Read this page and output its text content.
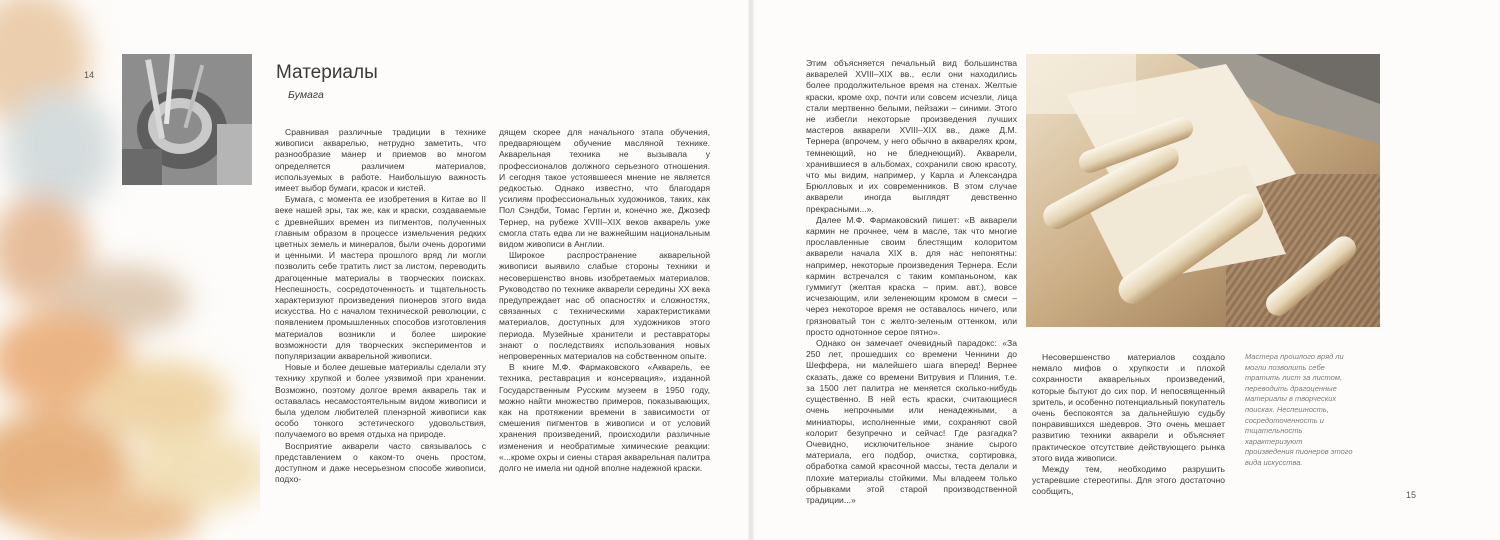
14	Материалы
Бумага

Сравнивая различные традиции в технике живописи акварелью, нетрудно заметить, что разнообразие манер и приемов во многом определяется различием материалов, используемых в работе. Наибольшую важность имеет выбор бумаги, красок и кистей.

Бумага, с момента ее изобретения в Китае во II веке нашей эры, так же, как и краски, создаваемые с древнейших времен из пигментов, полученных главным образом в процессе измельчения редких цветных земель и минералов, были очень дорогими и ценными. И мастера прошлого вряд ли могли позволить себе тратить лист за листом, переводить драгоценные материалы в творческих поисках. Неспешность, сосредоточенность и тщательность характеризуют произведения пионеров этого вида искусства. Но с началом технической революции, с появлением промышленных способов изготовления материалов возникли и более широкие возможности для творческих экспериментов и популяризации акварельной живописи.

Новые и более дешевые материалы сделали эту технику хрупкой и более уязвимой при хранении. Возможно, поэтому долгое время акварель так и оставалась несамостоятельным видом живописи и была уделом любителей пленэрной живописи как особо тонкого эстетического удовольствия, получаемого во время отдыха на природе.

Восприятие акварели часто связывалось с представлением о каком-то очень простом, доступном и даже несерьезном способе живописи, подхо-

дящем скорее для начального этапа обучения, предваряющем обучение масляной технике. Акварельная техника не вызывала у профессионалов должного серьезного отношения. И сегодня такое устоявшееся мнение не является редкостью. Однако известно, что благодаря усилиям профессиональных художников, таких, как Пол Сэндби, Томас Гертин и, конечно же, Джозеф Тернер, на рубеже XVIII–XIX веков акварель уже смогла стать едва ли не важнейшим национальным видом живописи в Англии.

Широкое распространение акварельной живописи выявило слабые стороны техники и несовершенство вновь изобретаемых материалов. Руководство по технике акварели середины XX века предупреждает нас об опасностях и сложностях, связанных с техническими характеристиками материалов, доступных для художников этого периода. Музейные хранители и реставраторы знают о последствиях использования новых непроверенных материалов на собственном опыте.

В книге М.Ф. Фармаковского «Акварель, ее техника, реставрация и консервация», изданной Государственным Русским музеем в 1950 году, можно найти множество примеров, показывающих, как на протяжении времени в зависимости от смешения пигментов в живописи и от условий хранения произведений, происходили различные изменения и необратимые химические реакции: «...кроме охры и сиены старая акварельная палитра долго не имела ни одной вполне надежной краски.

Этим объясняется печальный вид большинства акварелей XVIII–XIX вв., если они находились более продолжительное время на стенах. Желтые краски, кроме охр, почти или совсем исчезли, лица стали мертвенно белыми, пейзажи – синими. Этого не избегли некоторые произведения лучших мастеров акварели XVIII–XIX вв., даже Д.М. Тернера (впрочем, у него обычно в акварелях кром, темнеющий, но не бледнеющий). Акварели, хранившиеся в альбомах, сохранили свою красоту, что мы видим, например, у Карла и Александра Брюлловых и их современников. В этом случае акварели иногда выглядят девственно прекрасными...».

Далее М.Ф. Фармаковский пишет: «В акварели кармин не прочнее, чем в масле, так что многие прославленные своим блестящим колоритом акварели начала XIX в. для нас непонятны: например, некоторые произведения Тернера. Если кармин встречался с таким компаньоном, как гуммигут (желтая краска – прим. авт.), вовсе исчезающим, или зеленеющим кромом в смеси – через некоторое время не оставалось ничего, или грязноватый тон с желто-зеленым оттенком, или просто однотонное серое пятно».

Однако он замечает очевидный парадокс: «За 250 лет, прошедших со времени Ченнини до Шеффера, ни малейшего шага вперед! Вернее сказать, даже со времени Витрувия и Плиния, т.е. за 1500 лет палитра не меняется сколько-нибудь существенно. В ней есть краски, считающиеся очень непрочными или ненадежными, а миниатюры, исполненные ими, сохраняют свой колорит безупречно и сейчас! Где разгадка? Очевидно, исключительное знание сырого материала, его подбор, очистка, сортировка, обработка самой красочной массы, теста делали и плохие материалы стойкими. Мы владеем только обрывками этой старой производственной традиции...»

Несовершенство материалов создало немало мифов о хрупкости и плохой сохранности акварельных произведений, которые бытуют до сих пор. И непосвященный зритель, и особенно потенциальный покупатель очень беспокоятся за дальнейшую судьбу понравившихся шедевров. Это очень мешает развитию техники акварели и объясняет практическое отсутствие действующего рынка этого вида живописи.

Между тем, необходимо разрушить устаревшие стереотипы. Для этого достаточно сообщить,

Мастера прошлого вряд ли могли позволить себе тратить лист за листом, переводить драгоценные материалы в творческих поисках. Неспешность, сосредоточенность и тщательность характеризуют произведения пионеров этого вида искусства.
15
